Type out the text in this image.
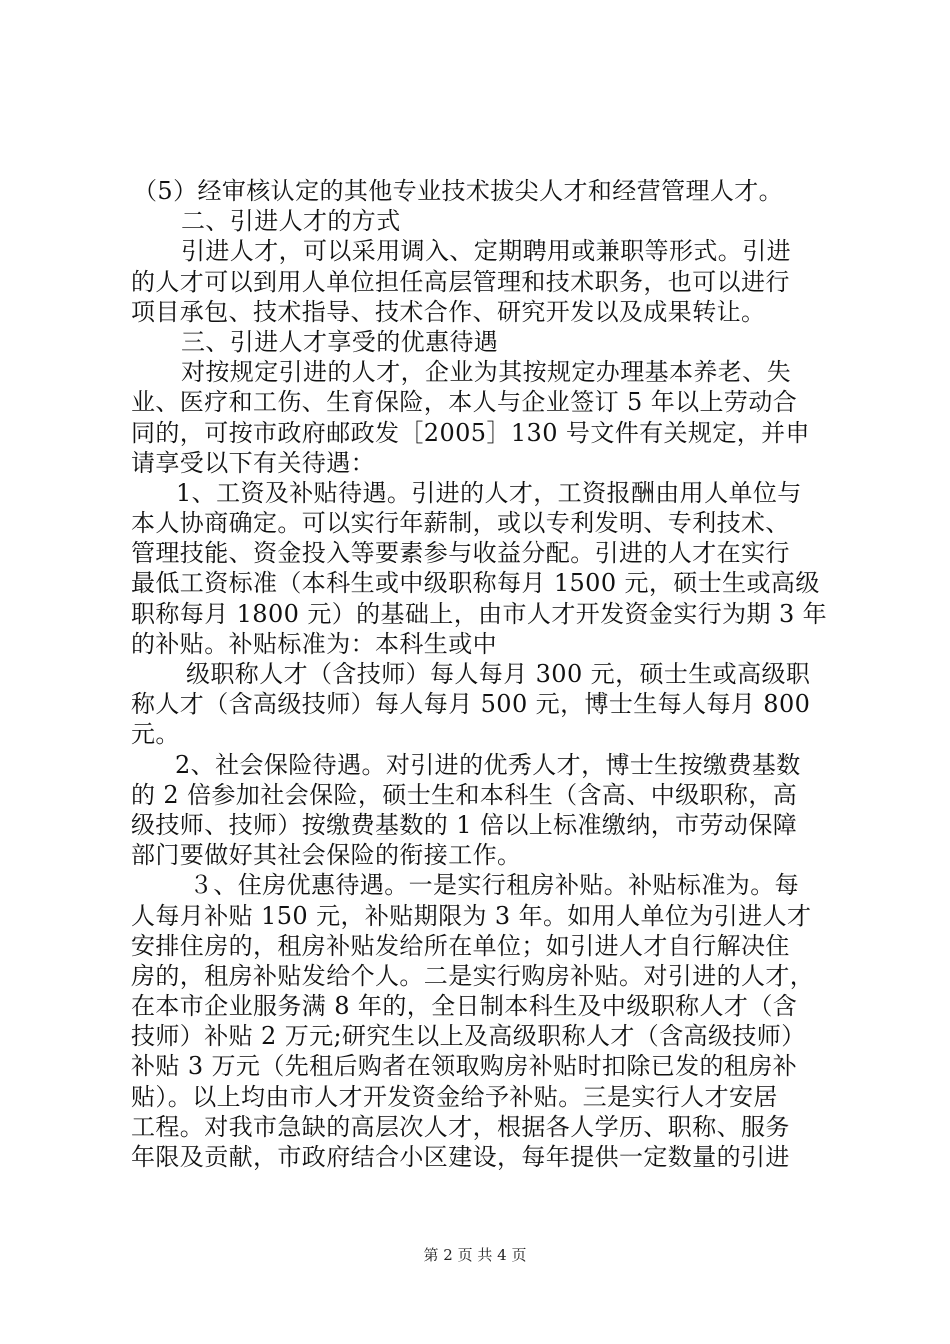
（5）经审核认定的其他专业技术拔尖人才和经营管理人才。
二、引进人才的方式
引进人才，可以采用调入、定期聘用或兼职等形式。引进
的人才可以到用人单位担任高层管理和技术职务，也可以进行
项目承包、技术指导、技术合作、研究开发以及成果转让。
三、引进人才享受的优惠待遇
对按规定引进的人才，企业为其按规定办理基本养老、失
业、医疗和工伤、生育保险，本人与企业签订 5 年以上劳动合
同的，可按市政府邮政发［2005］130 号文件有关规定，并申
请享受以下有关待遇：
1、工资及补贴待遇。引进的人才，工资报酬由用人单位与
本人协商确定。可以实行年薪制，或以专利发明、专利技术、
管理技能、资金投入等要素参与收益分配。引进的人才在实行
最低工资标准（本科生或中级职称每月 1500 元，硕士生或高级
职称每月 1800 元）的基础上，由市人才开发资金实行为期 3 年
的补贴。补贴标准为：本科生或中
级职称人才（含技师）每人每月 300 元，硕士生或高级职
称人才（含高级技师）每人每月 500 元，博士生每人每月 800
元。
2、社会保险待遇。对引进的优秀人才，博士生按缴费基数
的 2 倍参加社会保险，硕士生和本科生（含高、中级职称，高
级技师、技师）按缴费基数的 1 倍以上标准缴纳，市劳动保障
部门要做好其社会保险的衔接工作。
３、住房优惠待遇。一是实行租房补贴。补贴标准为。每
人每月补贴 150 元，补贴期限为 3 年。如用人单位为引进人才
安排住房的，租房补贴发给所在单位；如引进人才自行解决住
房的，租房补贴发给个人。二是实行购房补贴。对引进的人才，
在本市企业服务满 8 年的，全日制本科生及中级职称人才（含
技师）补贴 2 万元;研究生以上及高级职称人才（含高级技师）
补贴 3 万元（先租后购者在领取购房补贴时扣除已发的租房补
贴）。以上均由市人才开发资金给予补贴。三是实行人才安居
工程。对我市急缺的高层次人才，根据各人学历、职称、服务
年限及贡献，市政府结合小区建设，每年提供一定数量的引进
第 2 页 共 4 页
